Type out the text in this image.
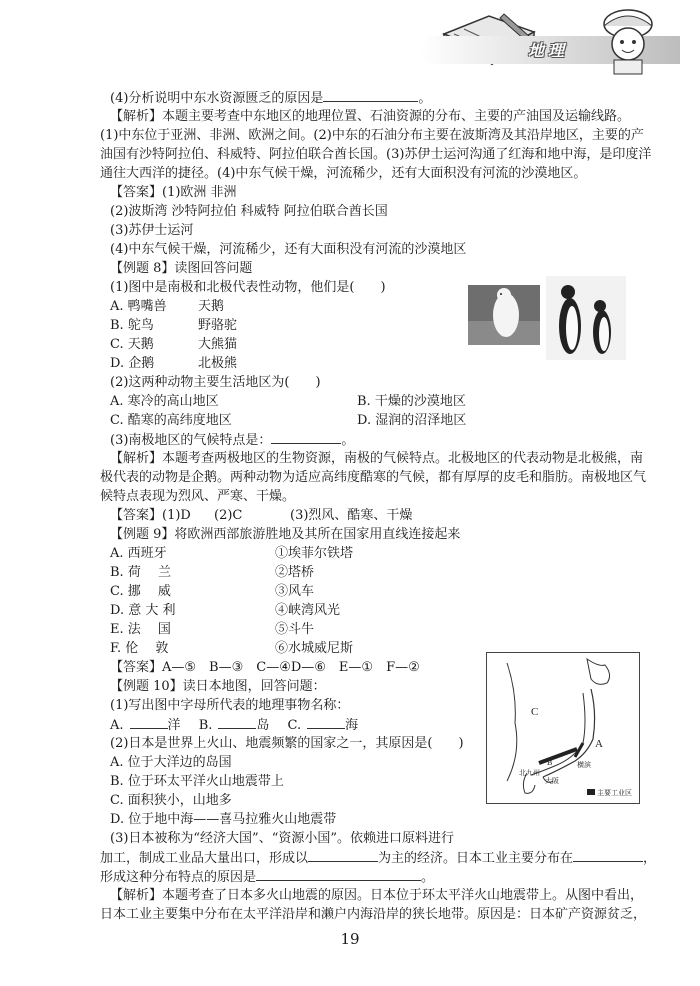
地理
(4)分析说明中东水资源匮乏的原因是	。
【解析】本题主要考查中东地区的地理位置、石油资源的分布、主要的产油国及运输线路。
(1)中东位于亚洲、非洲、欧洲之间。(2)中东的石油分布主要在波斯湾及其沿岸地区，主要的产
油国有沙特阿拉伯、科威特、阿拉伯联合酋长国。(3)苏伊士运河沟通了红海和地中海，是印度洋
通往大西洋的捷径。(4)中东气候干燥，河流稀少，还有大面积没有河流的沙漠地区。
【答案】(1)欧洲 非洲
(2)波斯湾 沙特阿拉伯 科威特 阿拉伯联合酋长国
(3)苏伊士运河
(4)中东气候干燥，河流稀少，还有大面积没有河流的沙漠地区
【例题 8】读图回答问题
(1)图中是南极和北极代表性动物，他们是(　　)
A. 鸭嘴兽 天鹅
B. 鸵鸟	野骆驼
C. 天鹅	大熊猫
D. 企鹅	北极熊
(2)这两种动物主要生活地区为(　　)
A. 寒冷的高山地区	B. 干燥的沙漠地区
C. 酷寒的高纬度地区	D. 湿润的沼泽地区
(3)南极地区的气候特点是：	。
【解析】本题考查两极地区的生物资源，南极的气候特点。北极地区的代表动物是北极熊，南
极代表的动物是企鹅。两种动物为适应高纬度酷寒的气候，都有厚厚的皮毛和脂肪。南极地区气
候特点表现为烈风、严寒、干燥。
【答案】(1)D (2)C	(3)烈风、酷寒、干燥
【例题 9】将欧洲西部旅游胜地及其所在国家用直线连接起来
A. 西班牙	①埃菲尔铁塔
B. 荷　 兰	②塔桥
C. 挪　 威	③风车
D. 意 大 利	④峡湾风光
E. 法　 国	⑤斗牛
F. 伦　 敦	⑥水城威尼斯
【答案】A—⑤　B—③　C—④D—⑥　E—①　F—②
【例题 10】读日本地图，回答问题：
(1)写出图中字母所代表的地理事物名称：
A.	洋 B.	岛 C.	海
(2)日本是世界上火山、地震频繁的国家之一，其原因是(　　)
A. 位于大洋边的岛国
B. 位于环太平洋火山地震带上
C. 面积狭小，山地多
D. 位于地中海——喜马拉雅火山地震带
(3)日本被称为“经济大国”、“资源小国”。依赖进口原料进行
加工，制成工业品大量出口，形成以	为主的经济。日本工业主要分布在	，
形成这种分布特点的原因是	。
【解析】本题考查了日本多火山地震的原因。日本位于环太平洋火山地震带上。从图中看出，
日本工业主要集中分布在太平洋沿岸和濑户内海沿岸的狭长地带。原因是：日本矿产资源贫乏，
C
A
北九州
大阪
横滨
B
主要工业区
19
